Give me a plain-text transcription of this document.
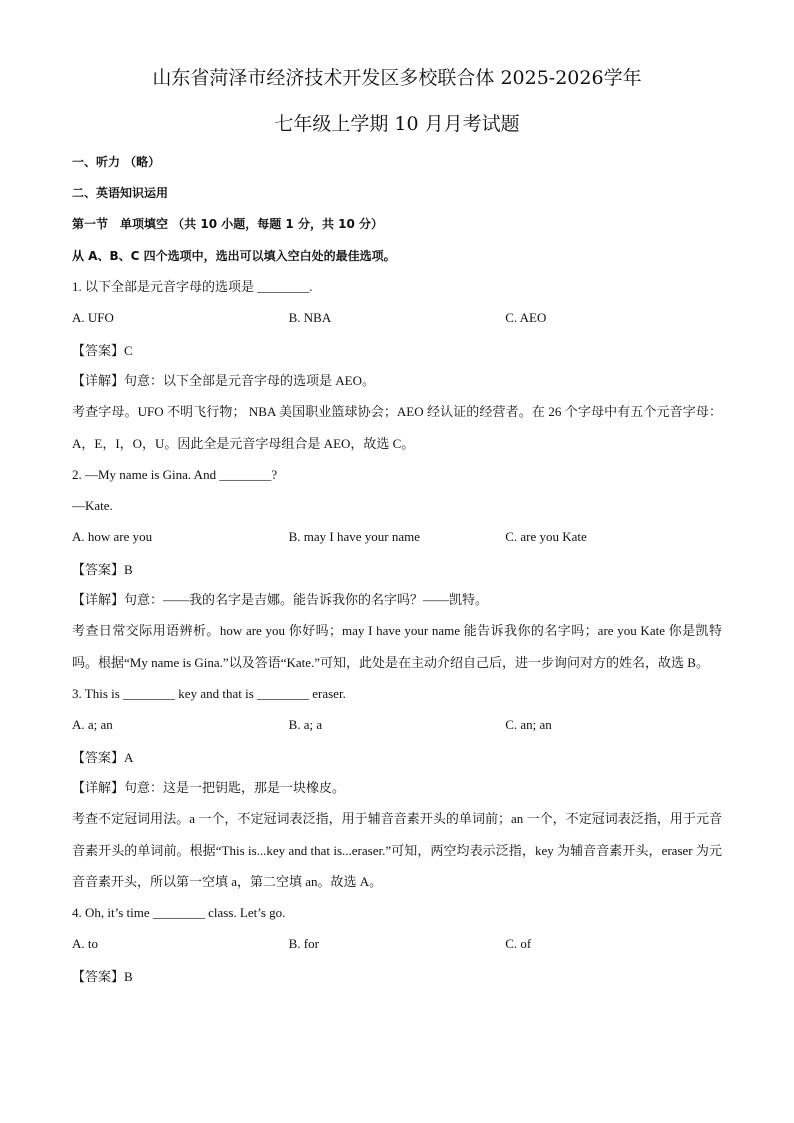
山东省菏泽市经济技术开发区多校联合体 2025-2026学年
七年级上学期 10 月月考试题
一、听力 （略）
二、英语知识运用
第一节　单项填空 （共 10 小题，每题 1 分，共 10 分）
从 A、B、C 四个选项中，选出可以填入空白处的最佳选项。
1. 以下全部是元音字母的选项是 ________.
A. UFO	B. NBA	C. AEO
【答案】C
【详解】句意：以下全部是元音字母的选项是 AEO。

考查字母。UFO 不明飞行物； NBA 美国职业篮球协会；AEO 经认证的经营者。在 26 个字母中有五个元音字母：A，E，I，O，U。因此全是元音字母组合是 AEO，故选 C。

2. —My name is Gina. And ________?
—Kate.
A. how are you	B. may I have your name	C. are you Kate
【答案】B
【详解】句意：——我的名字是吉娜。能告诉我你的名字吗？——凯特。

考查日常交际用语辨析。how are you 你好吗；may I have your name 能告诉我你的名字吗；are you Kate 你是凯特吗。根据“My name is Gina.”以及答语“Kate.”可知，此处是在主动介绍自己后，进一步询问对方的姓名，故选 B。

3. This is ________ key and that is ________ eraser.
A. a; an	B. a; a	C. an; an
【答案】A
【详解】句意：这是一把钥匙，那是一块橡皮。

考查不定冠词用法。a 一个，不定冠词表泛指，用于辅音音素开头的单词前；an 一个，不定冠词表泛指，用于元音音素开头的单词前。根据“This is...key and that is...eraser.”可知，两空均表示泛指，key 为辅音音素开头，eraser 为元音音素开头，所以第一空填 a，第二空填 an。故选 A。

4. Oh, it’s time ________ class. Let’s go.
A. to	B. for	C. of
【答案】B
